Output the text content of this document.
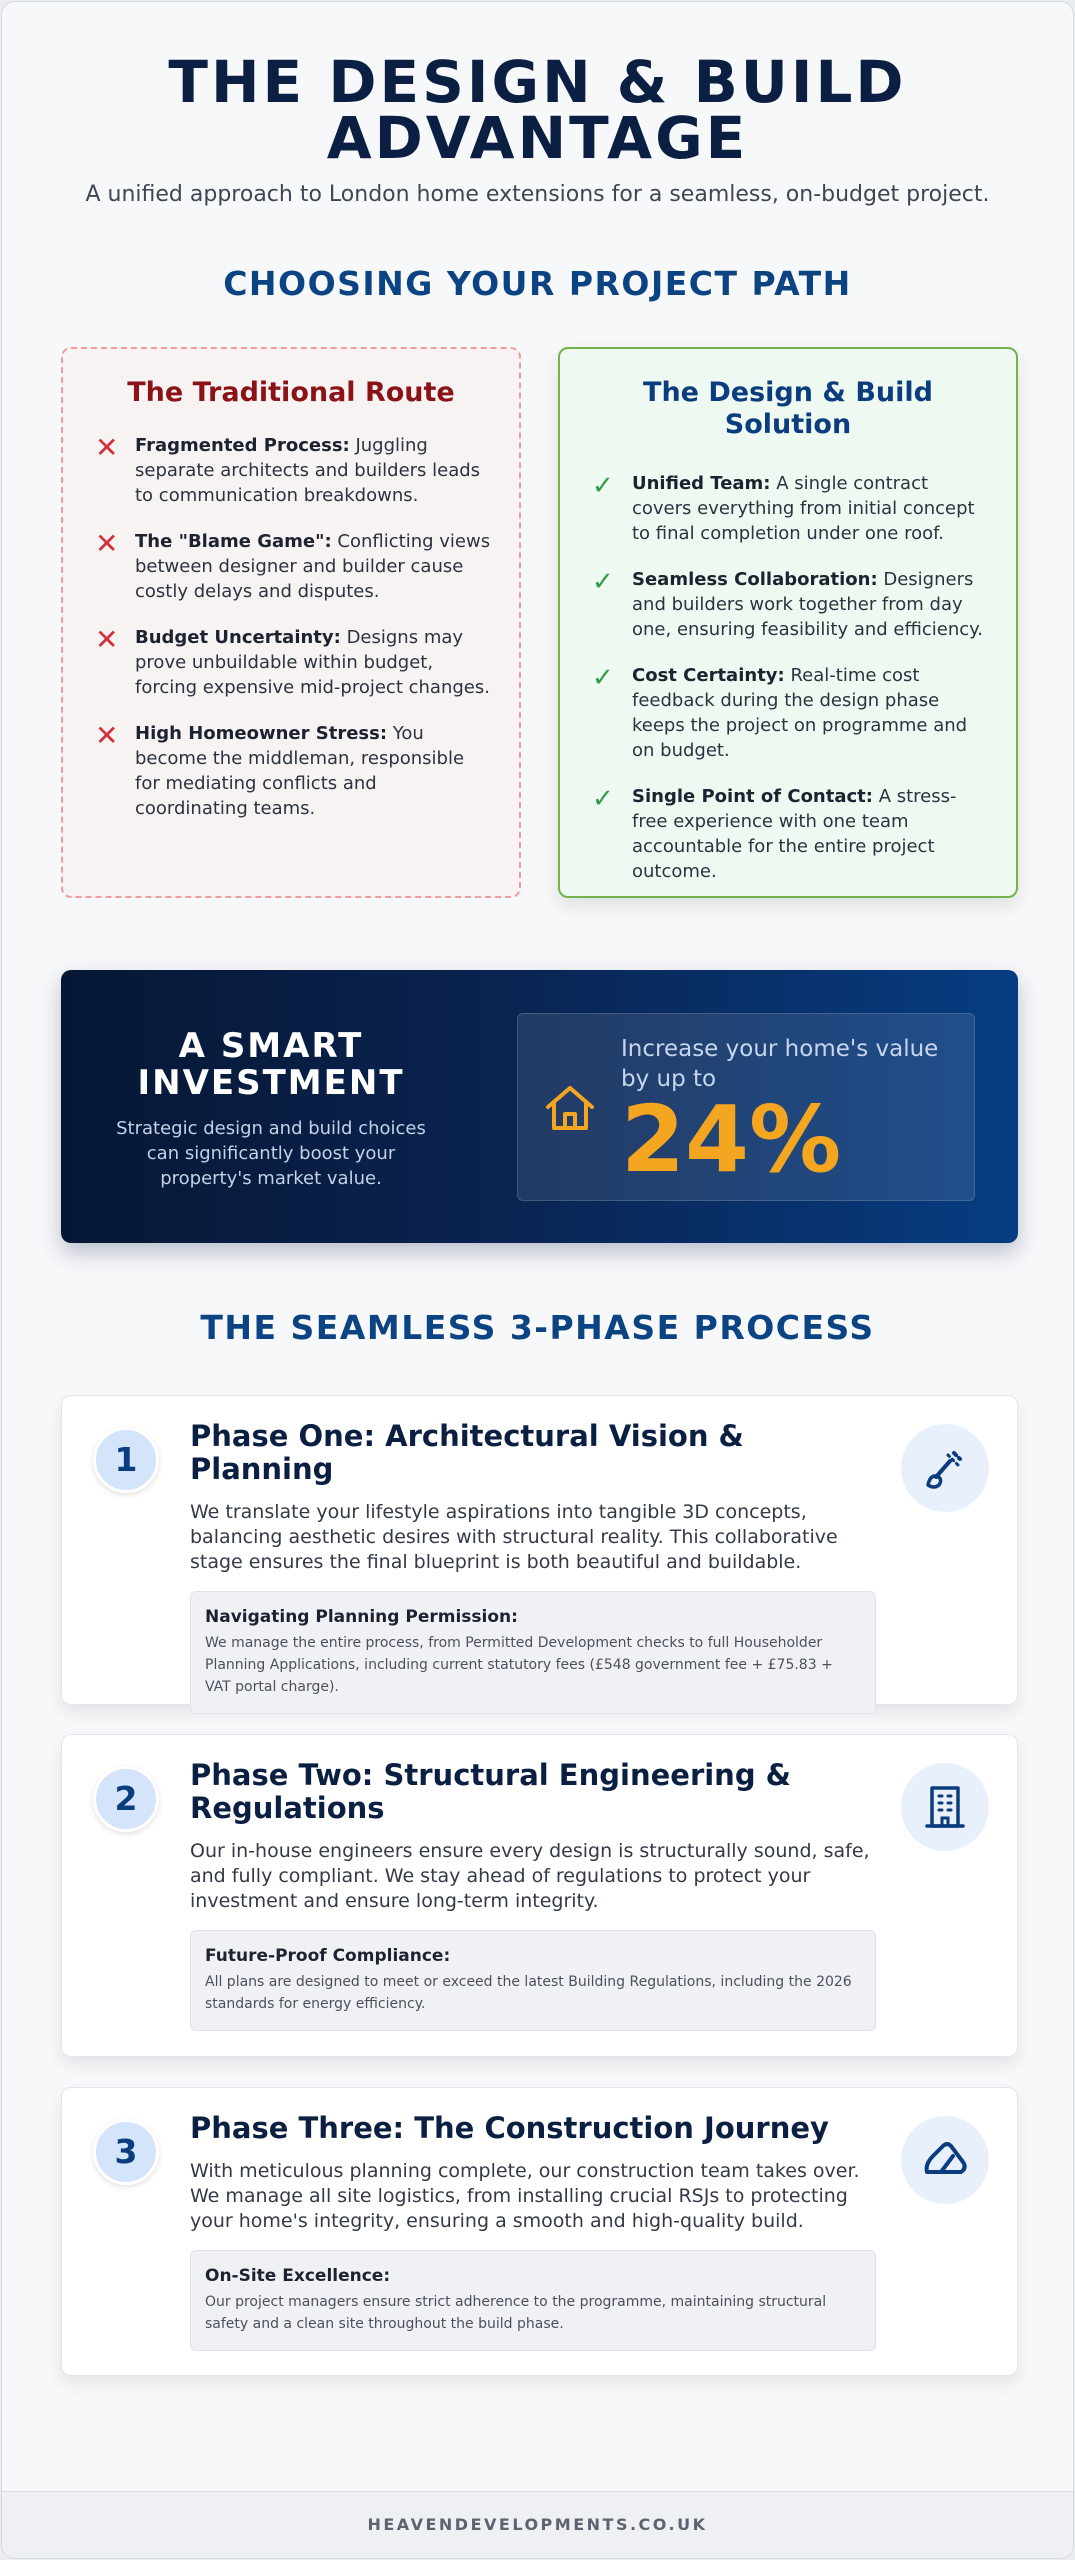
THE DESIGN & BUILD
ADVANTAGE
A unified approach to London home extensions for a seamless, on-budget project.
CHOOSING YOUR PROJECT PATH
The Traditional Route
✕ Fragmented Process: Juggling separate architects and builders leads to communication breakdowns.
✕ The "Blame Game": Conflicting views between designer and builder cause costly delays and disputes.
✕ Budget Uncertainty: Designs may prove unbuildable within budget, forcing expensive mid-project changes.
✕ High Homeowner Stress: You become the middleman, responsible for mediating conflicts and coordinating teams.
The Design & Build Solution
✓	Unified Team: A single contract covers everything from initial concept to final completion under one roof.
✓	Seamless Collaboration: Designers and builders work together from day one, ensuring feasibility and efficiency.
✓	Cost Certainty: Real-time cost feedback during the design phase keeps the project on programme and on budget.
✓	Single Point of Contact: A stress-free experience with one team accountable for the entire project outcome.
A SMART INVESTMENT
Strategic design and build choices can significantly boost your property's market value.
Increase your home's value by up to
24%
THE SEAMLESS 3-PHASE PROCESS
1
Phase One: Architectural Vision & Planning
We translate your lifestyle aspirations into tangible 3D concepts, balancing aesthetic desires with structural reality. This collaborative stage ensures the final blueprint is both beautiful and buildable.
Navigating Planning Permission:
We manage the entire process, from Permitted Development checks to full Householder Planning Applications, including current statutory fees (£548 government fee + £75.83 + VAT portal charge).
2
Phase Two: Structural Engineering & Regulations
Our in-house engineers ensure every design is structurally sound, safe, and fully compliant. We stay ahead of regulations to protect your investment and ensure long-term integrity.
Future-Proof Compliance:
All plans are designed to meet or exceed the latest Building Regulations, including the 2026 standards for energy efficiency.
3
Phase Three: The Construction Journey
With meticulous planning complete, our construction team takes over. We manage all site logistics, from installing crucial RSJs to protecting your home's integrity, ensuring a smooth and high-quality build.
On-Site Excellence:
Our project managers ensure strict adherence to the programme, maintaining structural safety and a clean site throughout the build phase.
HEAVENDEVELOPMENTS.CO.UK
